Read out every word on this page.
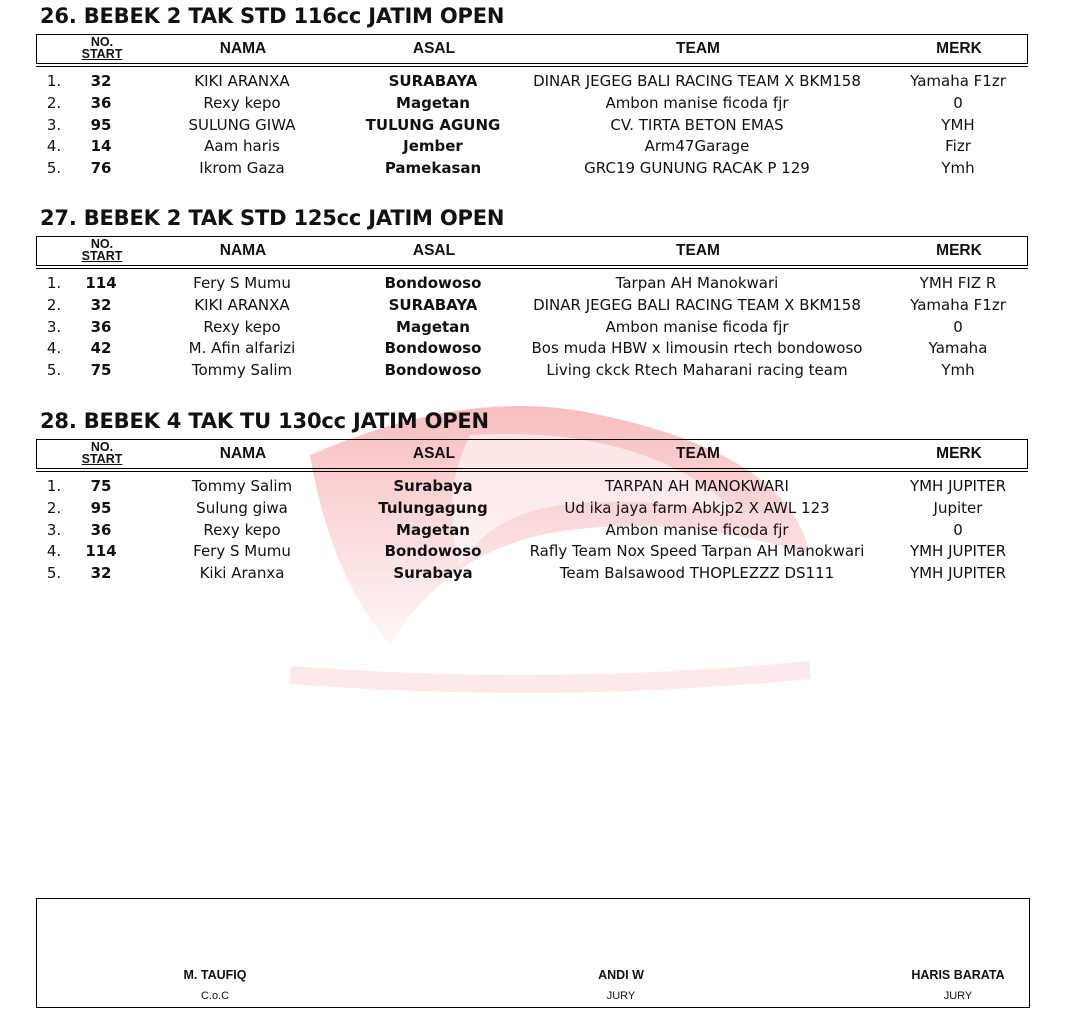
26. BEBEK 2 TAK STD 116cc JATIM OPEN
NO.
START	NAMA	ASAL	TEAM	MERK
1.	32	KIKI ARANXA	SURABAYA	DINAR JEGEG BALI RACING TEAM X BKM158	Yamaha F1zr
2.	36	Rexy kepo	Magetan	Ambon manise ficoda fjr	0
3.	95	SULUNG GIWA	TULUNG AGUNG	CV. TIRTA BETON EMAS	YMH
4.	14	Aam haris	Jember	Arm47Garage	Fizr
5.	76	Ikrom Gaza	Pamekasan	GRC19 GUNUNG RACAK P 129	Ymh
27. BEBEK 2 TAK STD 125cc JATIM OPEN
NO.
START	NAMA	ASAL	TEAM	MERK
1.	114	Fery S Mumu	Bondowoso	Tarpan AH Manokwari	YMH FIZ R
2.	32	KIKI ARANXA	SURABAYA	DINAR JEGEG BALI RACING TEAM X BKM158	Yamaha F1zr
3.	36	Rexy kepo	Magetan	Ambon manise ficoda fjr	0
4.	42	M. Afin alfarizi	Bondowoso	Bos muda HBW x limousin rtech bondowoso	Yamaha
5.	75	Tommy Salim	Bondowoso	Living ckck Rtech Maharani racing team	Ymh
28. BEBEK 4 TAK TU 130cc JATIM OPEN
NO.
START	NAMA	ASAL	TEAM	MERK
1.	75	Tommy Salim	Surabaya	TARPAN AH MANOKWARI	YMH JUPITER
2.	95	Sulung giwa	Tulungagung	Ud ika jaya farm Abkjp2 X AWL 123	Jupiter
3.	36	Rexy kepo	Magetan	Ambon manise ficoda fjr	0
4.	114	Fery S Mumu	Bondowoso	Rafly Team Nox Speed Tarpan AH Manokwari	YMH JUPITER
5.	32	Kiki Aranxa	Surabaya	Team Balsawood THOPLEZZZ DS111	YMH JUPITER
M. TAUFIQ
C.o.C
ANDI W
JURY
HARIS BARATA
JURY
